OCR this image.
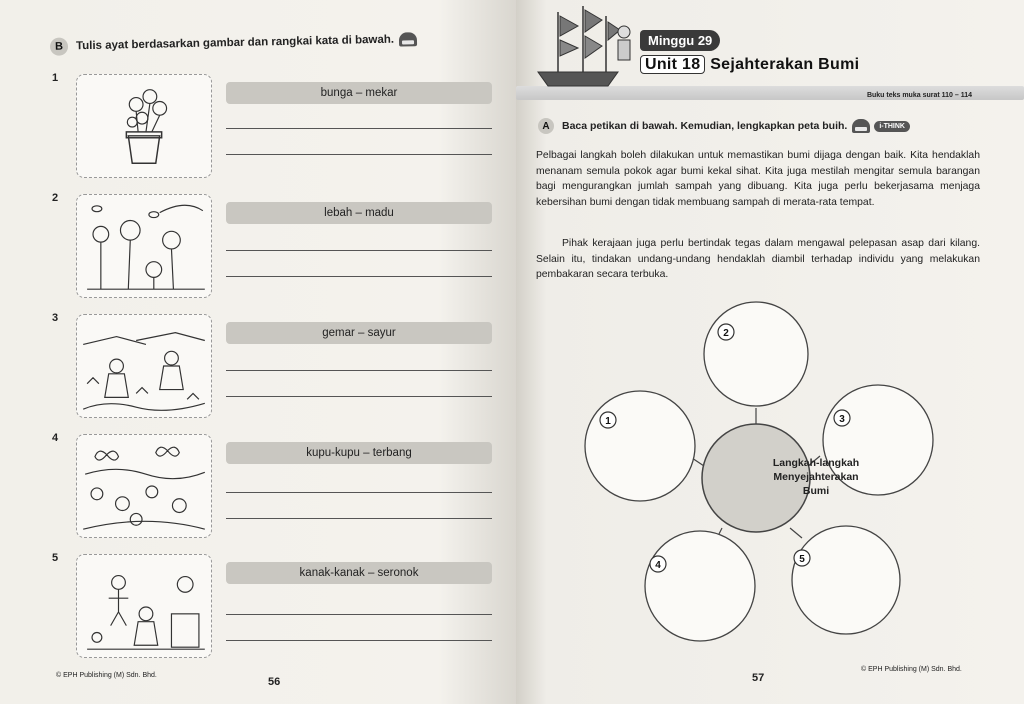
B	Tulis ayat berdasarkan gambar dan rangkai kata di bawah.
1
bunga – mekar
2
lebah – madu
3
gemar – sayur
4
kupu-kupu – terbang
5
kanak-kanak – seronok
© EPH Publishing (M) Sdn. Bhd.
56
Minggu 29
Unit 18 Sejahterakan Bumi
Buku teks muka surat 110 – 114
A	Baca petikan di bawah. Kemudian, lengkapkan peta buih.	i-THINK

Pelbagai langkah boleh dilakukan untuk memastikan bumi dijaga dengan baik. Kita hendaklah menanam semula pokok agar bumi kekal sihat. Kita juga mestilah mengitar semula barangan bagi mengurangkan jumlah sampah yang dibuang. Kita juga perlu bekerjasama menjaga kebersihan bumi dengan tidak membuang sampah di merata-rata tempat.

Pihak kerajaan juga perlu bertindak tegas dalam mengawal pelepasan asap dari kilang. Selain itu, tindakan undang-undang hendaklah diambil terhadap individu yang melakukan pembakaran secara terbuka.

2
1	3
4
5
Langkah-langkah
Menyejahterakan
Bumi
57
© EPH Publishing (M) Sdn. Bhd.
